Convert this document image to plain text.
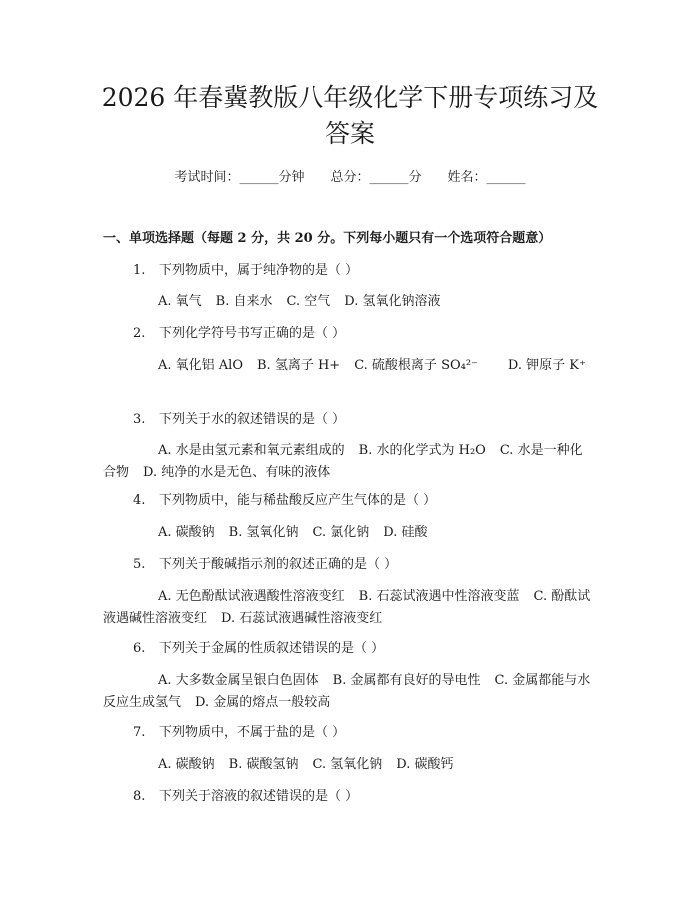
2026 年春冀教版八年级化学下册专项练习及
答案
考试时间：______分钟 总分：______分 姓名：______
一、单项选择题（每题 2 分，共 20 分。下列每小题只有一个选项符合题意）
1. 下列物质中，属于纯净物的是（ ）
A. 氧气 B. 自来水 C. 空气 D. 氢氧化钠溶液
2. 下列化学符号书写正确的是（ ）
A. 氧化铝 AlO B. 氢离子 H+ C. 硫酸根离子 SO₄²⁻ D. 钾原子 K⁺
3. 下列关于水的叙述错误的是（ ）
A. 水是由氢元素和氧元素组成的 B. 水的化学式为 H₂O C. 水是一种化合物 D. 纯净的水是无色、有味的液体
4. 下列物质中，能与稀盐酸反应产生气体的是（ ）
A. 碳酸钠 B. 氢氧化钠 C. 氯化钠 D. 硅酸
5. 下列关于酸碱指示剂的叙述正确的是（ ）
A. 无色酚酞试液遇酸性溶液变红 B. 石蕊试液遇中性溶液变蓝 C. 酚酞试液遇碱性溶液变红 D. 石蕊试液遇碱性溶液变红
6. 下列关于金属的性质叙述错误的是（ ）
A. 大多数金属呈银白色固体 B. 金属都有良好的导电性 C. 金属都能与水反应生成氢气 D. 金属的熔点一般较高
7. 下列物质中，不属于盐的是（ ）
A. 碳酸钠 B. 碳酸氢钠 C. 氢氧化钠 D. 碳酸钙
8. 下列关于溶液的叙述错误的是（ ）
